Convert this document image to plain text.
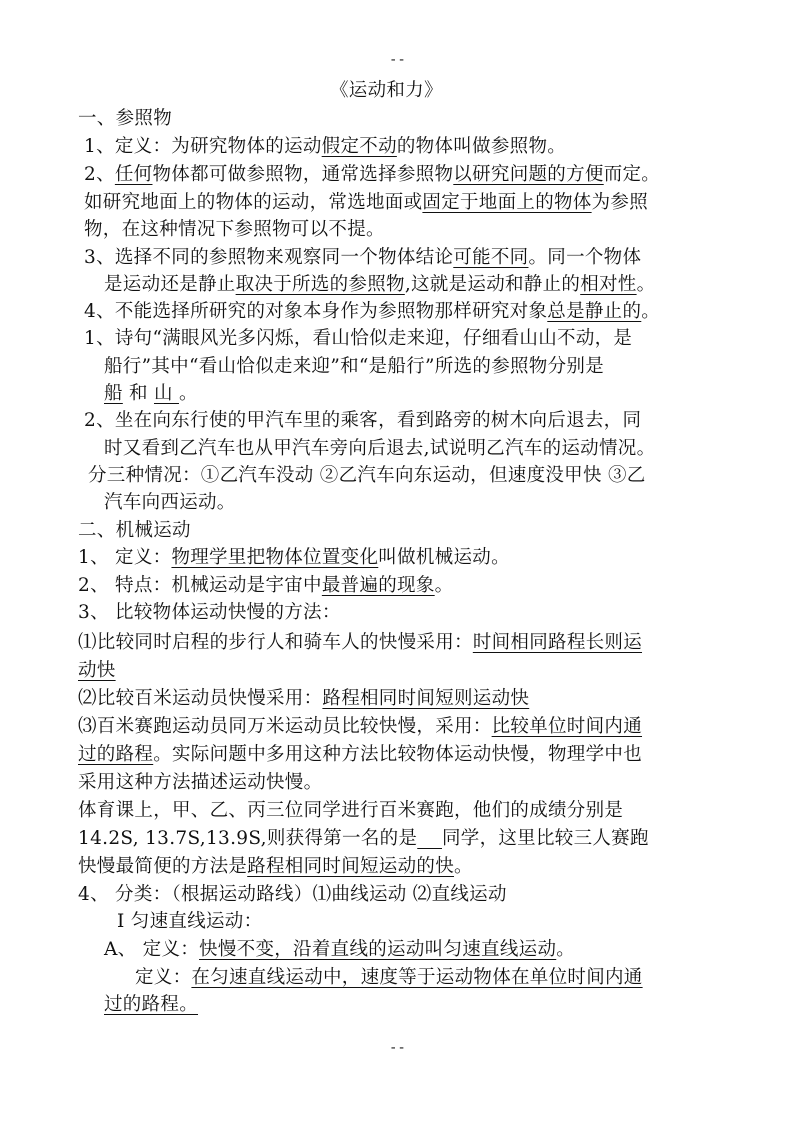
--
《运动和力》
一、参照物
1、定义：为研究物体的运动假定不动的物体叫做参照物。
2、任何物体都可做参照物，通常选择参照物以研究问题的方便而定。
如研究地面上的物体的运动，常选地面或固定于地面上的物体为参照
物，在这种情况下参照物可以不提。
3、选择不同的参照物来观察同一个物体结论可能不同。同一个物体
是运动还是静止取决于所选的参照物,这就是运动和静止的相对性。
4、不能选择所研究的对象本身作为参照物那样研究对象总是静止的。
1、诗句“满眼风光多闪烁，看山恰似走来迎，仔细看山山不动，是
船行”其中“看山恰似走来迎”和“是船行”所选的参照物分别是
船 和 山 。
2、坐在向东行使的甲汽车里的乘客，看到路旁的树木向后退去，同
时又看到乙汽车也从甲汽车旁向后退去,试说明乙汽车的运动情况。
分三种情况：①乙汽车没动 ②乙汽车向东运动，但速度没甲快 ③乙
汽车向西运动。
二、机械运动
1、 定义：物理学里把物体位置变化叫做机械运动。
2、 特点：机械运动是宇宙中最普遍的现象。
3、 比较物体运动快慢的方法：
⑴比较同时启程的步行人和骑车人的快慢采用：时间相同路程长则运
动快
⑵比较百米运动员快慢采用：路程相同时间短则运动快
⑶百米赛跑运动员同万米运动员比较快慢，采用：比较单位时间内通
过的路程。实际问题中多用这种方法比较物体运动快慢，物理学中也
采用这种方法描述运动快慢。
体育课上，甲、乙、丙三位同学进行百米赛跑，他们的成绩分别是
14.2S, 13.7S,13.9S,则获得第一名的是 同学，这里比较三人赛跑
快慢最简便的方法是路程相同时间短运动的快。
4、 分类：（根据运动路线）⑴曲线运动 ⑵直线运动
Ⅰ 匀速直线运动：
A、 定义：快慢不变，沿着直线的运动叫匀速直线运动。
定义：在匀速直线运动中，速度等于运动物体在单位时间内通
过的路程。
--
